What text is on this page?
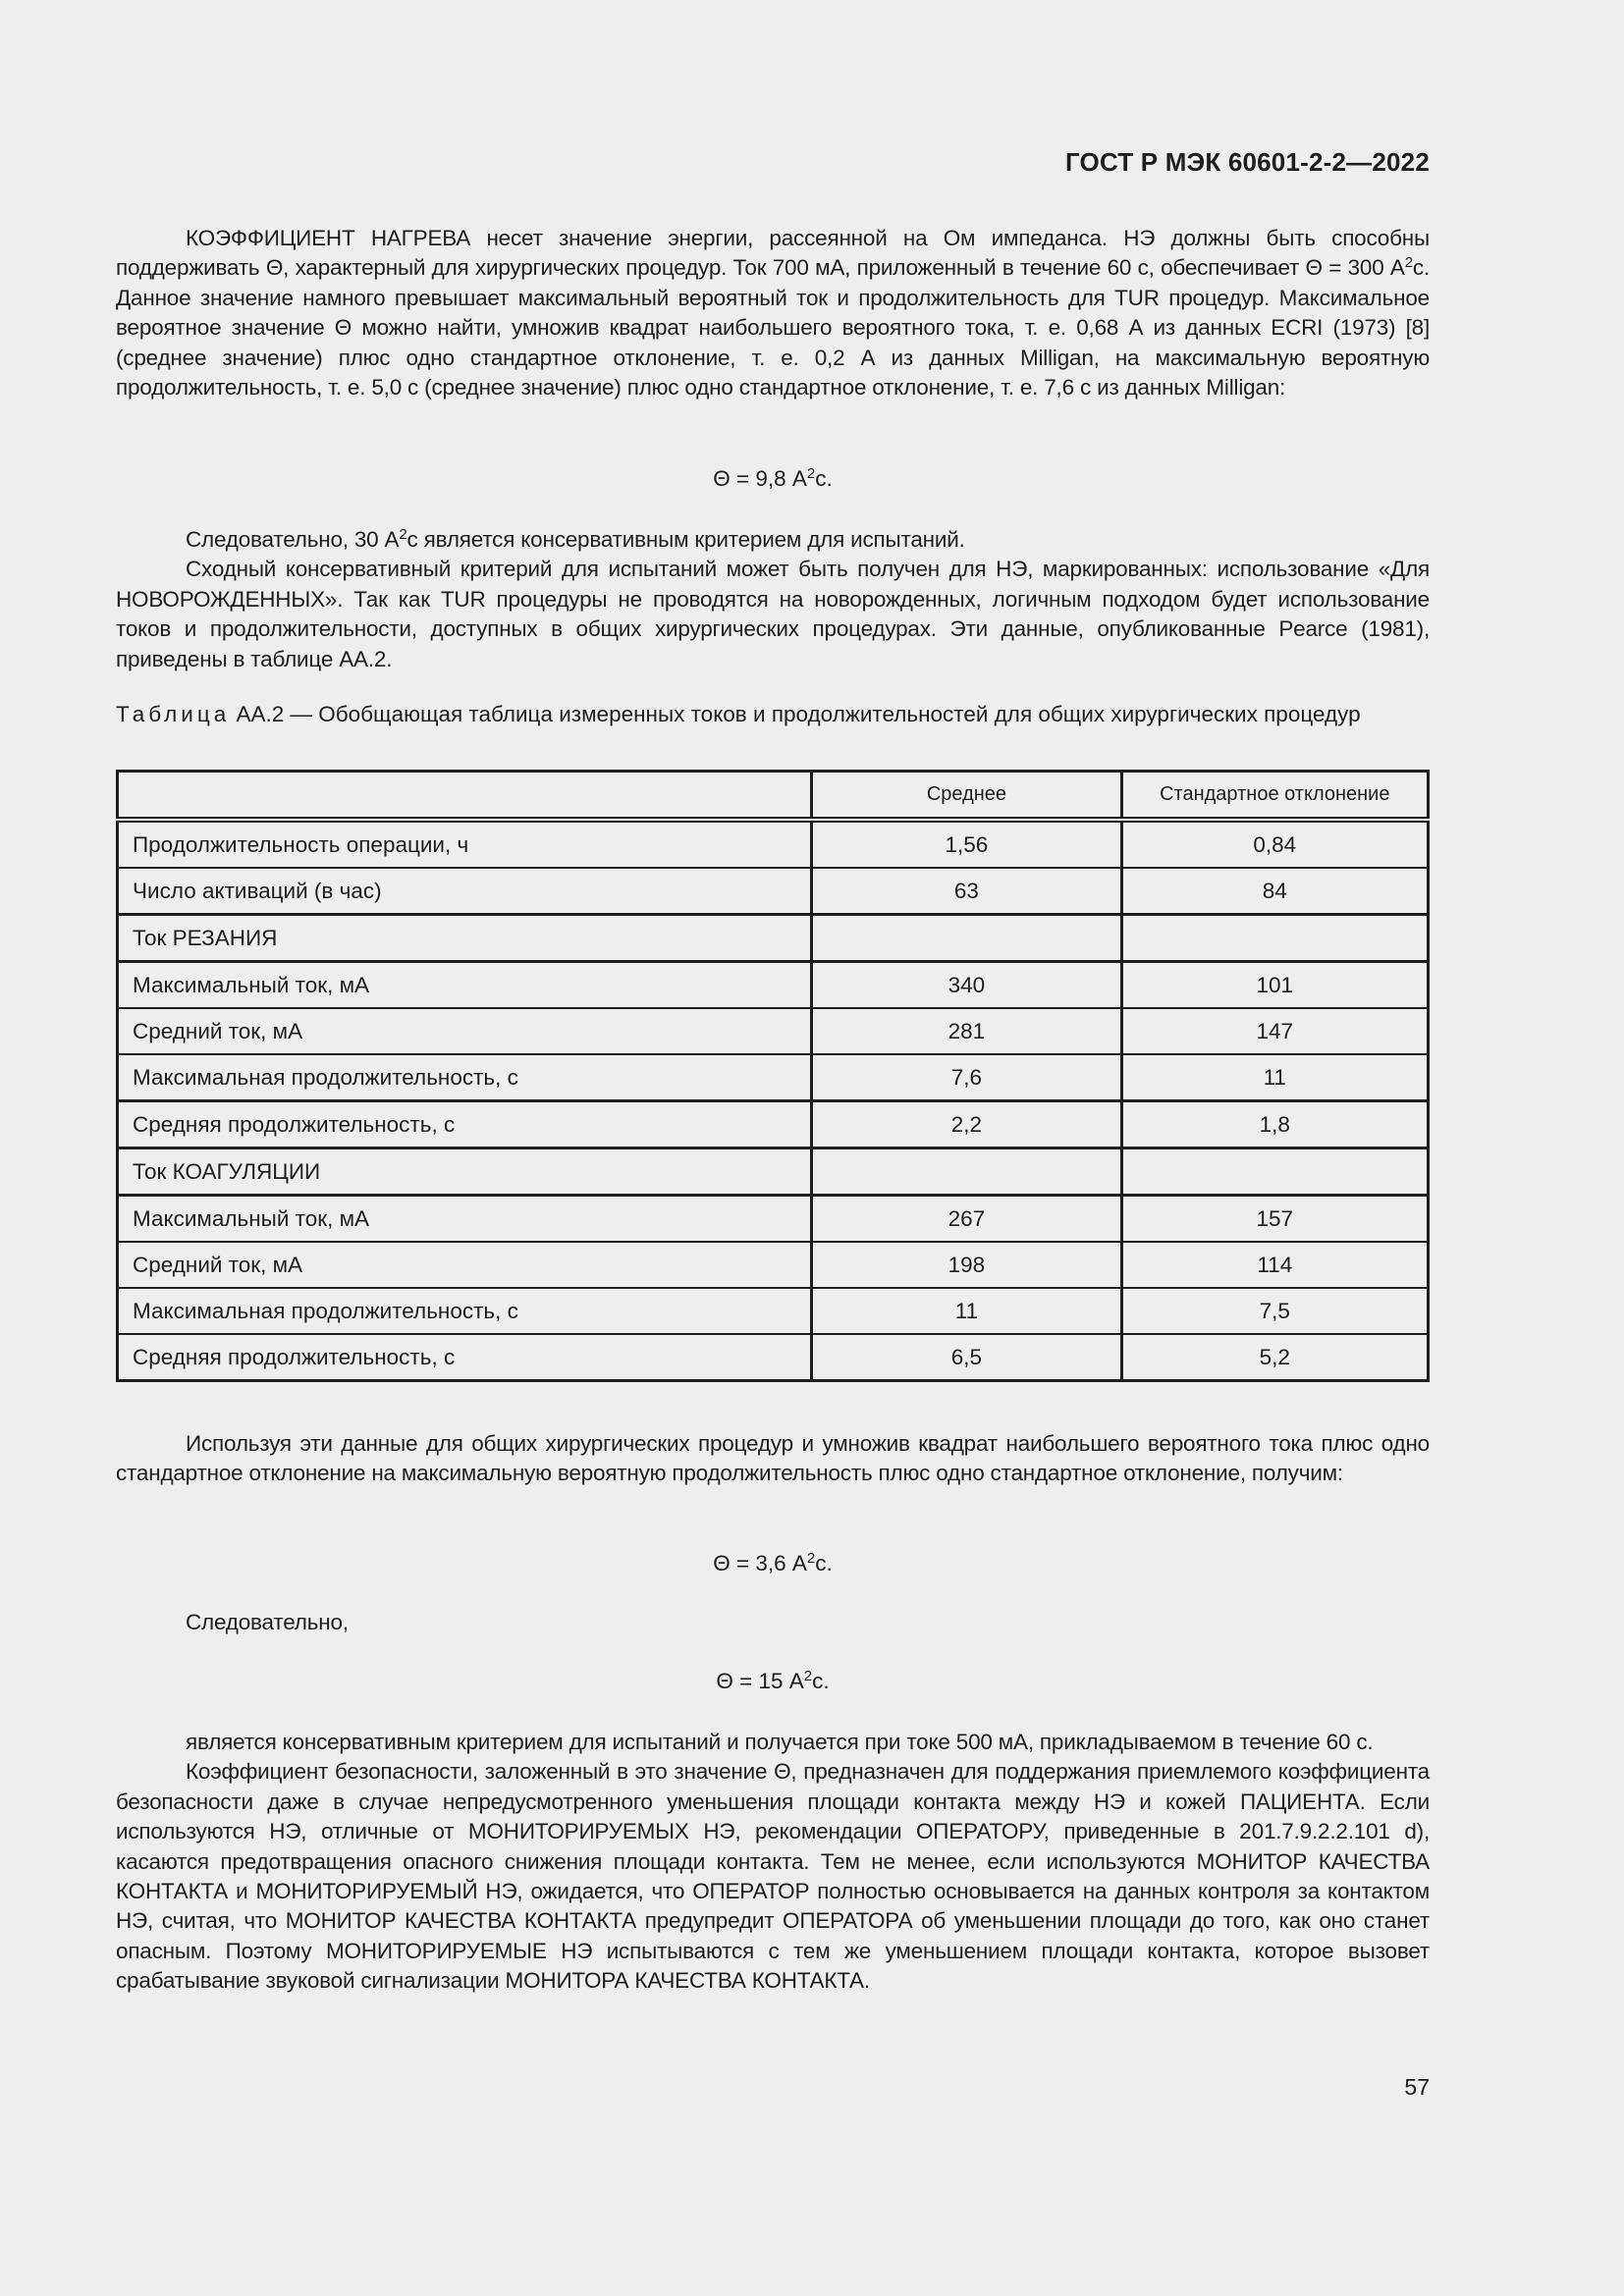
ГОСТ Р МЭК 60601-2-2—2022

КОЭФФИЦИЕНТ НАГРЕВА несет значение энергии, рассеянной на Ом импеданса. НЭ должны быть способны поддерживать Θ, характерный для хирургических процедур. Ток 700 мА, приложенный в течение 60 с, обеспечивает Θ = 300 $А^2с$. Данное значение намного превышает максимальный вероятный ток и продолжительность для TUR процедур. Максимальное вероятное значение Θ можно найти, умножив квадрат наибольшего вероятного тока, т. е. 0,68 А из данных ECRI (1973) [8] (среднее значение) плюс одно стандартное отклонение, т. е. 0,2 А из данных Milligan, на максимальную вероятную продолжительность, т. е. 5,0 с (среднее значение) плюс одно стандартное отклонение, т. е. 7,6 с из данных Milligan:

Θ = 9,8 $А^2с$.

Следовательно, 30 $А^2с$ является консервативным критерием для испытаний.

Сходный консервативный критерий для испытаний может быть получен для НЭ, маркированных: использование «Для НОВОРОЖДЕННЫХ». Так как TUR процедуры не проводятся на новорожденных, логичным подходом будет использование токов и продолжительности, доступных в общих хирургических процедурах. Эти данные, опубликованные Pearce (1981), приведены в таблице АА.2.

Таблица АА.2 — Обобщающая таблица измеренных токов и продолжительностей для общих хирургических процедур
	Среднее	Стандартное отклонение
Продолжительность операции, ч	1,56	0,84
Число активаций (в час)	63	84
Ток РЕЗАНИЯ		
Максимальный ток, мА	340	101
Средний ток, мА	281	147
Максимальная продолжительность, с	7,6	11
Средняя продолжительность, с	2,2	1,8
Ток КОАГУЛЯЦИИ		
Максимальный ток, мА	267	157
Средний ток, мА	198	114
Максимальная продолжительность, с	11	7,5
Средняя продолжительность, с	6,5	5,2

Используя эти данные для общих хирургических процедур и умножив квадрат наибольшего вероятного тока плюс одно стандартное отклонение на максимальную вероятную продолжительность плюс одно стандартное отклонение, получим:

Θ = 3,6 $А^2с$.

Следовательно,

Θ = 15 $А^2с$.

является консервативным критерием для испытаний и получается при токе 500 мА, прикладываемом в течение 60 с.

Коэффициент безопасности, заложенный в это значение Θ, предназначен для поддержания приемлемого коэффициента безопасности даже в случае непредусмотренного уменьшения площади контакта между НЭ и кожей ПАЦИЕНТА. Если используются НЭ, отличные от МОНИТОРИРУЕМЫХ НЭ, рекомендации ОПЕРАТОРУ, приведенные в 201.7.9.2.2.101 d), касаются предотвращения опасного снижения площади контакта. Тем не менее, если используются МОНИТОР КАЧЕСТВА КОНТАКТА и МОНИТОРИРУЕМЫЙ НЭ, ожидается, что ОПЕРАТОР полностью основывается на данных контроля за контактом НЭ, считая, что МОНИТОР КАЧЕСТВА КОНТАКТА предупредит ОПЕРАТОРА об уменьшении площади до того, как оно станет опасным. Поэтому МОНИТОРИРУЕМЫЕ НЭ испытываются с тем же уменьшением площади контакта, которое вызовет срабатывание звуковой сигнализации МОНИТОРА КАЧЕСТВА КОНТАКТА.

57
